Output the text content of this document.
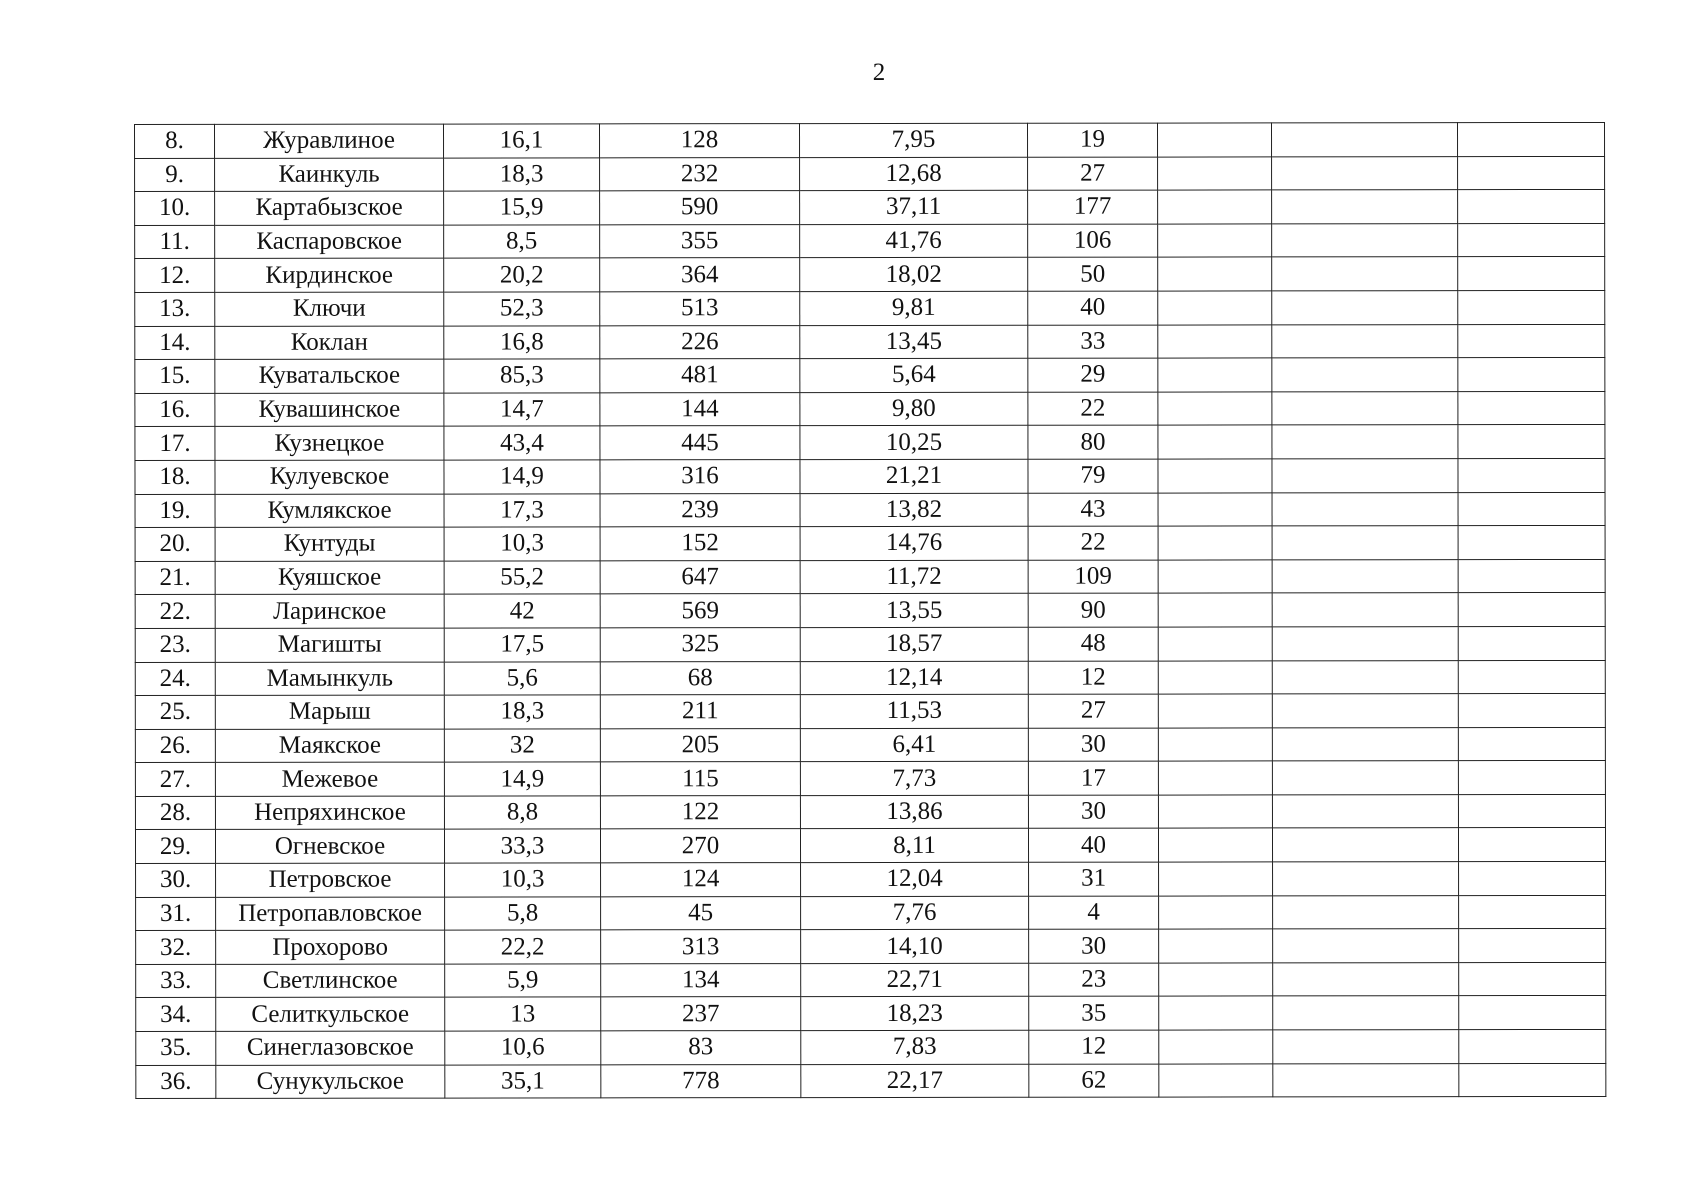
2
8.	Журавлиное	16,1	128	7,95	19			
9.	Каинкуль	18,3	232	12,68	27			
10.	Картабызское	15,9	590	37,11	177			
11.	Каспаровское	8,5	355	41,76	106			
12.	Кирдинское	20,2	364	18,02	50			
13.	Ключи	52,3	513	9,81	40			
14.	Коклан	16,8	226	13,45	33			
15.	Куватальское	85,3	481	5,64	29			
16.	Кувашинское	14,7	144	9,80	22			
17.	Кузнецкое	43,4	445	10,25	80			
18.	Кулуевское	14,9	316	21,21	79			
19.	Кумлякское	17,3	239	13,82	43			
20.	Кунтуды	10,3	152	14,76	22			
21.	Куяшское	55,2	647	11,72	109			
22.	Ларинское	42	569	13,55	90			
23.	Магишты	17,5	325	18,57	48			
24.	Мамынкуль	5,6	68	12,14	12			
25.	Марыш	18,3	211	11,53	27			
26.	Маякское	32	205	6,41	30			
27.	Межевое	14,9	115	7,73	17			
28.	Непряхинское	8,8	122	13,86	30			
29.	Огневское	33,3	270	8,11	40			
30.	Петровское	10,3	124	12,04	31			
31.	Петропавловское	5,8	45	7,76	4			
32.	Прохорово	22,2	313	14,10	30			
33.	Светлинское	5,9	134	22,71	23			
34.	Селиткульское	13	237	18,23	35			
35.	Синеглазовское	10,6	83	7,83	12			
36.	Сунукульское	35,1	778	22,17	62			
